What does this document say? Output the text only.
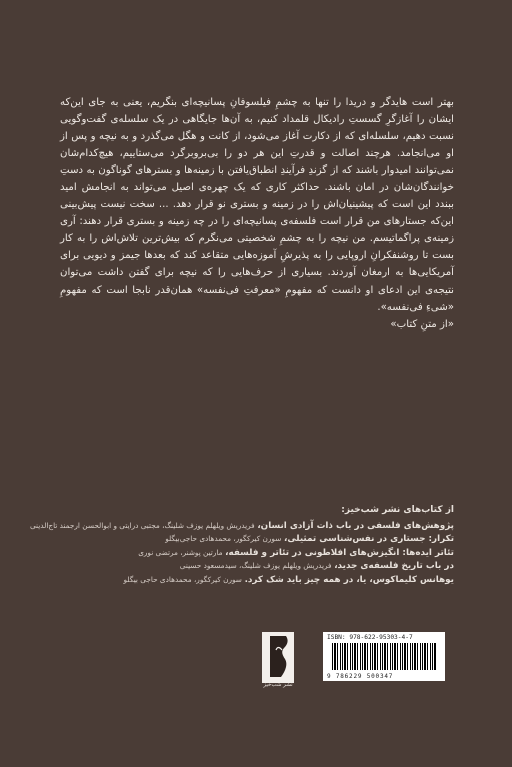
بهتر است هایدگر و دریدا را تنها به چشمِ فیلسوفانِ پسانیچه‌ای بنگریم، یعنی به جای این‌که ایشان را آغازگرِ گسستِ رادیکال قلمداد کنیم، به آن‌ها جایگاهی در یک سلسله‌ی گفت‌وگویی نسبت دهیم، سلسله‌ای که از دکارت آغاز می‌شود، از کانت و هگل می‌گذرد و به نیچه و پس از او می‌انجامد. هرچند اصالت و قدرتِ این هر دو را بی‌بروبرگرد می‌ستاییم، هیچ‌کدام‌شان نمی‌توانند امیدوار باشند که از گزندِ فرآیندِ انطباق‌یافتن با زمینه‌ها و بسترهای گوناگون به دستِ خوانندگان‌شان در امان باشند. حداکثر کاری که یک چهره‌ی اصیل می‌تواند به انجامش امید ببندد این است که پیشینیان‌اش را در زمینه و بستری نو قرار دهد. ... سخت نیست پیش‌بینی این‌که جستارهای من قرار است فلسفه‌ی پسانیچه‌ای را در چه زمینه و بستری قرار دهند: آری زمینه‌ی پراگماتیسم. من نیچه را به چشمِ شخصیتی می‌نگرم که بیش‌ترین تلاش‌اش را به کار بست تا روشنفکرانِ اروپایی را به پذیرشِ آموزه‌هایی متقاعد کند که بعدها جیمز و دیویی برای آمریکایی‌ها به ارمغان آوردند. بسیاری از حرف‌هایی را که نیچه برای گفتن داشت می‌توان نتیجه‌ی این ادعای او دانست که مفهومِ «معرفتِ فی‌نفسه» همان‌قدر نابجا است که مفهومِ «شیءِ فی‌نفسه».

«از متنِ کتاب»
از کتاب‌های نشر شب‌خیز:
پژوهش‌های فلسفی در باب ذات آزادی انسان، فریدریش ویلهلم یوزف شلینگ، مجتبی درایتی و ابوالحسن ارجمند تاج‌الدینی
تکرار: جستاری در نفس‌شناسی تمثیلی، سورن کیرکگور، محمدهادی حاجی‌بیگلو
تئاتر ایده‌ها: انگیزش‌های افلاطونی در تئاتر و فلسفه، مارتین پوشنر، مرتضی نوری
در باب تاریخ فلسفه‌ی جدید، فریدریش ویلهلم یوزف شلینگ، سیدمسعود حسینی
یوهانس کلیماکوس، یا، در همه چیز باید شک کرد. سورن کیرکگور، محمدهادی حاجی بیگلو
نشر شب‌خیز
ISBN: 978-622-95303-4-7
9 786229 500347
